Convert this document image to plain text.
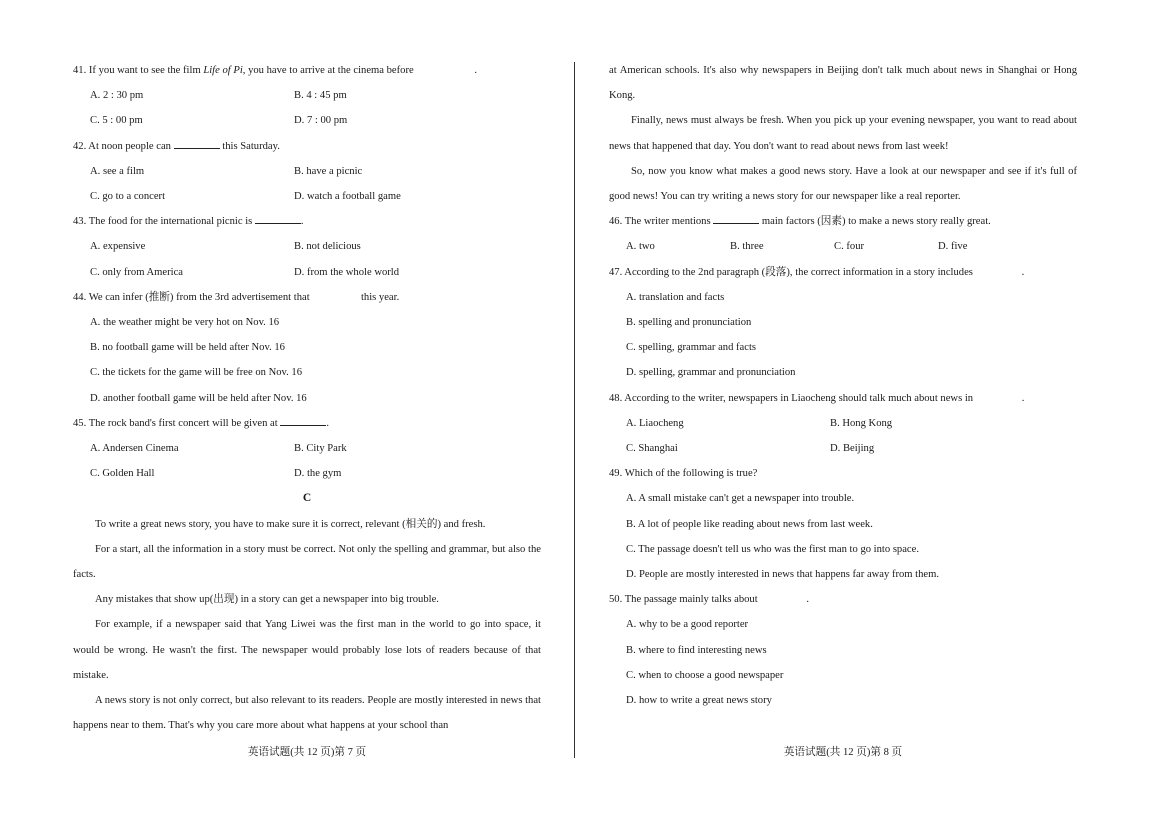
41. If you want to see the film Life of Pi, you have to arrive at the cinema before	.
A. 2 : 30 pm	B. 4 : 45 pm
C. 5 : 00 pm	D. 7 : 00 pm
42. At noon people can	this Saturday.
A. see a film	B. have a picnic
C. go to a concert	D. watch a football game
43. The food for the international picnic is	.
A. expensive	B. not delicious
C. only from America	D. from the whole world
44. We can infer (推断) from the 3rd advertisement that	this year.
A. the weather might be very hot on Nov. 16
B. no football game will be held after Nov. 16
C. the tickets for the game will be free on Nov. 16
D. another football game will be held after Nov. 16
45. The rock band's first concert will be given at	.
A. Andersen Cinema	B. City Park
C. Golden Hall	D. the gym
C
To write a great news story, you have to make sure it is correct, relevant (相关的) and fresh.
For a start, all the information in a story must be correct. Not only the spelling and grammar, but also the facts.
Any mistakes that show up(出现) in a story can get a newspaper into big trouble.
For example, if a newspaper said that Yang Liwei was the first man in the world to go into space, it would be wrong. He wasn't the first. The newspaper would probably lose lots of readers because of that mistake.
A news story is not only correct, but also relevant to its readers. People are mostly interested in news that happens near to them. That's why you care more about what happens at your school than
at American schools. It's also why newspapers in Beijing don't talk much about news in Shanghai or Hong Kong.
Finally, news must always be fresh. When you pick up your evening newspaper, you want to read about news that happened that day. You don't want to read about news from last week!
So, now you know what makes a good news story. Have a look at our newspaper and see if it's full of good news! You can try writing a news story for our newspaper like a real reporter.
46. The writer mentions	main factors (因素) to make a news story really great.
A. two	B. three	C. four	D. five
47. According to the 2nd paragraph (段落), the correct information in a story includes	.
A. translation and facts
B. spelling and pronunciation
C. spelling, grammar and facts
D. spelling, grammar and pronunciation
48. According to the writer, newspapers in Liaocheng should talk much about news in	.
A. Liaocheng	B. Hong Kong
C. Shanghai	D. Beijing
49. Which of the following is true?
A. A small mistake can't get a newspaper into trouble.
B. A lot of people like reading about news from last week.
C. The passage doesn't tell us who was the first man to go into space.
D. People are mostly interested in news that happens far away from them.
50. The passage mainly talks about	.
A. why to be a good reporter
B. where to find interesting news
C. when to choose a good newspaper
D. how to write a great news story
英语试题(共 12 页)第 7 页	英语试题(共 12 页)第 8 页
